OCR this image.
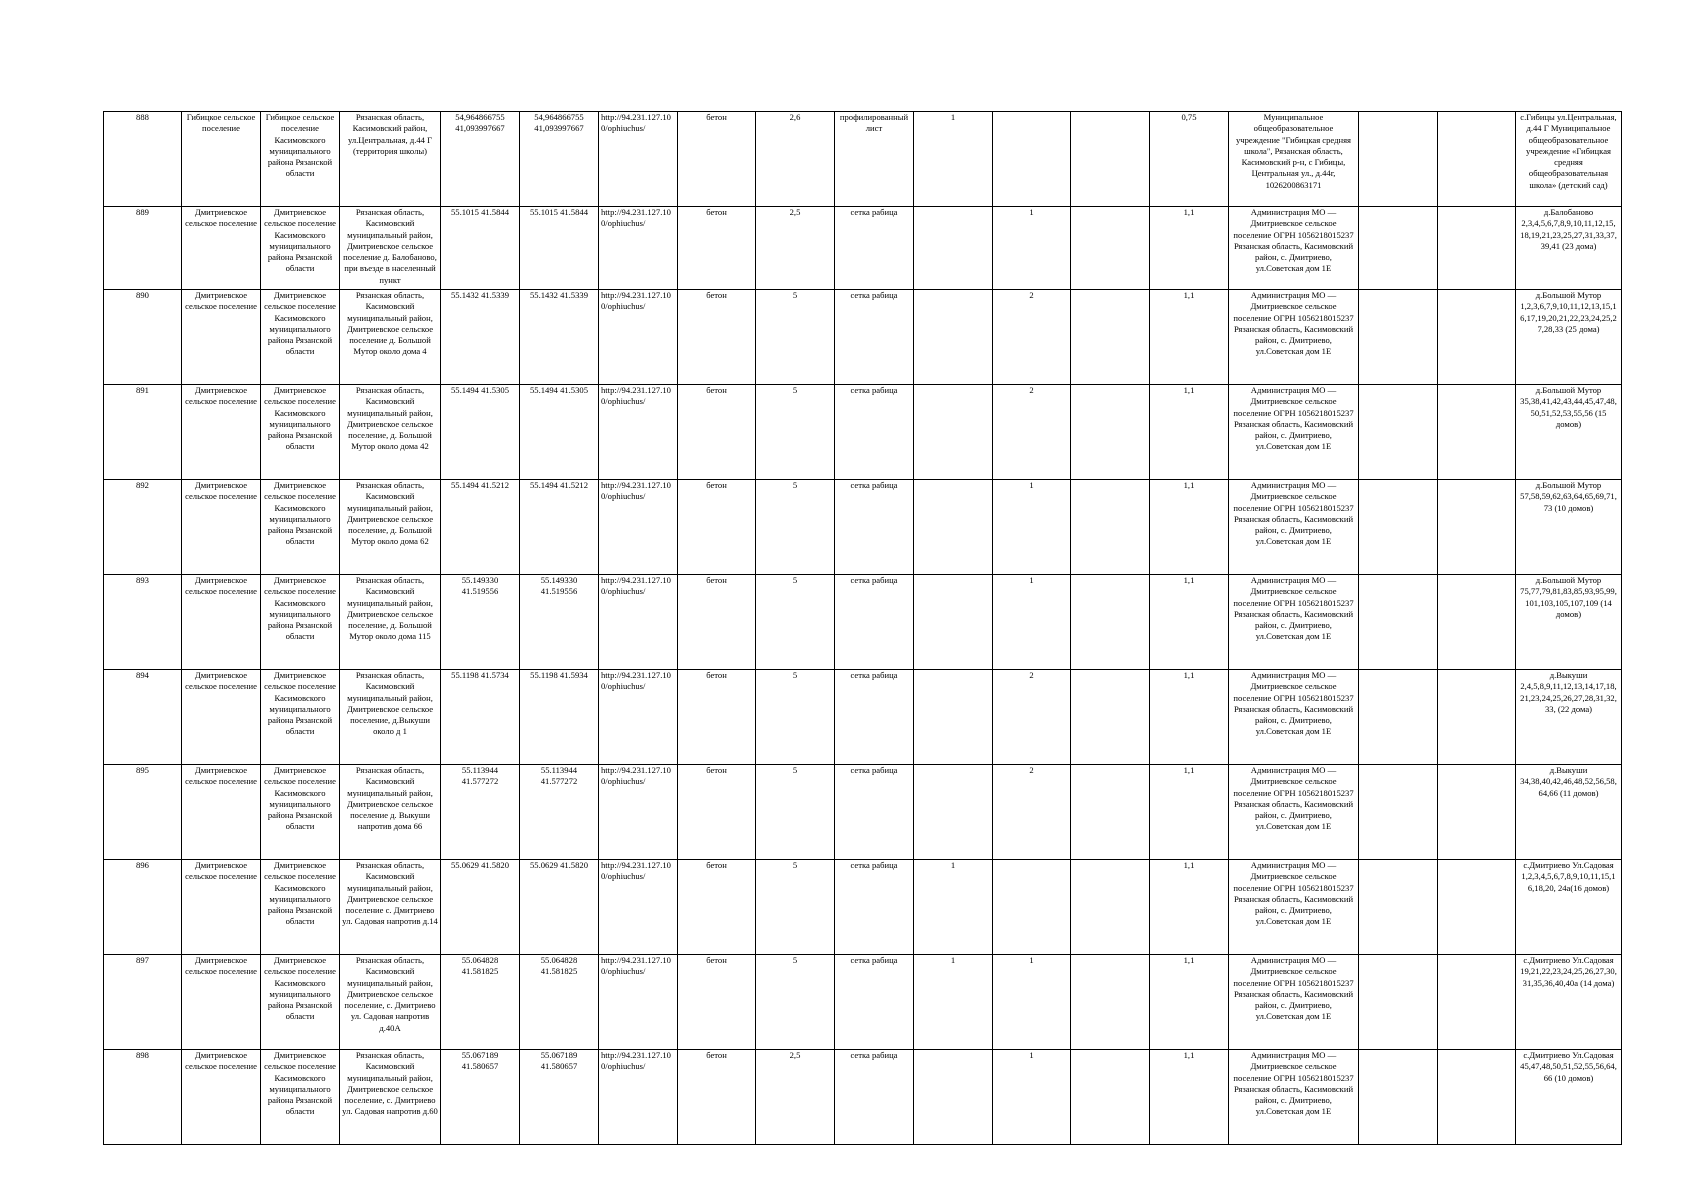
888	Гибицкое сельское поселение	Гибицкое сельское поселение Касимовского муниципального района Рязанской области	Рязанская область, Касимовский район, ул.Центральная, д.44 Г (территория школы)	54,964866755 41,093997667	54,964866755 41,093997667	http://94.231.127.100/ophiuchus/	бетон	2,6	профилированный лист	1			0,75	Муниципальное общеобразовательное учреждение "Гибицкая средняя школа", Рязанская область, Касимовский р-н, с Гибицы, Центральная ул., д.44г, 1026200863171			с.Гибицы ул.Центральная, д.44 Г Муниципальное общеобразовательное учреждение «Гибицкая средняя общеобразовательная школа» (детский сад)
889	Дмитриевское сельское поселение	Дмитриевское сельское поселение Касимовского муниципального района Рязанской области	Рязанская область, Касимовский муниципальный район, Дмитриевское сельское поселение д. Балобаново, при въезде в населенный пункт	55.1015 41.5844	55.1015 41.5844	http://94.231.127.100/ophiuchus/	бетон	2,5	сетка рабица		1		1,1	Администрация МО — Дмитриевское сельское поселение ОГРН 1056218015237 Рязанская область, Касимовский район, с. Дмитриево, ул.Советская дом 1Е			д.Балобаново 2,3,4,5,6,7,8,9,10,11,12,15, 18,19,21,23,25,27,31,33,37, 39,41 (23 дома)
890	Дмитриевское сельское поселение	Дмитриевское сельское поселение Касимовского муниципального района Рязанской области	Рязанская область, Касимовский муниципальный район, Дмитриевское сельское поселение д. Большой Мутор около дома 4	55.1432 41.5339	55.1432 41.5339	http://94.231.127.100/ophiuchus/	бетон	5	сетка рабица		2		1,1	Администрация МО — Дмитриевское сельское поселение ОГРН 1056218015237 Рязанская область, Касимовский район, с. Дмитриево, ул.Советская дом 1Е			д.Большой Мутор 1,2,3,6,7,9,10,11,12,13,15,1 6,17,19,20,21,22,23,24,25,2 7,28,33 (25 дома)
891	Дмитриевское сельское поселение	Дмитриевское сельское поселение Касимовского муниципального района Рязанской области	Рязанская область, Касимовский муниципальный район, Дмитриевское сельское поселение, д. Большой Мутор около дома 42	55.1494 41.5305	55.1494 41.5305	http://94.231.127.100/ophiuchus/	бетон	5	сетка рабица		2		1,1	Администрация МО — Дмитриевское сельское поселение ОГРН 1056218015237 Рязанская область, Касимовский район, с. Дмитриево, ул.Советская дом 1Е			д.Большой Мутор 35,38,41,42,43,44,45,47,48, 50,51,52,53,55,56 (15 домов)
892	Дмитриевское сельское поселение	Дмитриевское сельское поселение Касимовского муниципального района Рязанской области	Рязанская область, Касимовский муниципальный район, Дмитриевское сельское поселение, д. Большой Мутор около дома 62	55.1494 41.5212	55.1494 41.5212	http://94.231.127.100/ophiuchus/	бетон	5	сетка рабица		1		1,1	Администрация МО — Дмитриевское сельское поселение ОГРН 1056218015237 Рязанская область, Касимовский район, с. Дмитриево, ул.Советская дом 1Е			д.Большой Мутор 57,58,59,62,63,64,65,69,71, 73 (10 домов)
893	Дмитриевское сельское поселение	Дмитриевское сельское поселение Касимовского муниципального района Рязанской области	Рязанская область, Касимовский муниципальный район, Дмитриевское сельское поселение, д. Большой Мутор около дома 115	55.149330 41.519556	55.149330 41.519556	http://94.231.127.100/ophiuchus/	бетон	5	сетка рабица		1		1,1	Администрация МО — Дмитриевское сельское поселение ОГРН 1056218015237 Рязанская область, Касимовский район, с. Дмитриево, ул.Советская дом 1Е			д.Большой Мутор 75,77,79,81,83,85,93,95,99, 101,103,105,107,109 (14 домов)
894	Дмитриевское сельское поселение	Дмитриевское сельское поселение Касимовского муниципального района Рязанской области	Рязанская область, Касимовский муниципальный район, Дмитриевское сельское поселение, д.Выкуши около д 1	55.1198 41.5734	55.1198 41.5934	http://94.231.127.100/ophiuchus/	бетон	5	сетка рабица		2		1,1	Администрация МО — Дмитриевское сельское поселение ОГРН 1056218015237 Рязанская область, Касимовский район, с. Дмитриево, ул.Советская дом 1Е			д.Выкуши 2,4,5,8,9,11,12,13,14,17,18, 21,23,24,25,26,27,28,31,32, 33, (22 дома)
895	Дмитриевское сельское поселение	Дмитриевское сельское поселение Касимовского муниципального района Рязанской области	Рязанская область, Касимовский муниципальный район, Дмитриевское сельское поселение д. Выкуши напротив дома 66	55.113944 41.577272	55.113944 41.577272	http://94.231.127.100/ophiuchus/	бетон	5	сетка рабица		2		1,1	Администрация МО — Дмитриевское сельское поселение ОГРН 1056218015237 Рязанская область, Касимовский район, с. Дмитриево, ул.Советская дом 1Е			д.Выкуши 34,38,40,42,46,48,52,56,58, 64,66 (11 домов)
896	Дмитриевское сельское поселение	Дмитриевское сельское поселение Касимовского муниципального района Рязанской области	Рязанская область, Касимовский муниципальный район, Дмитриевское сельское поселение с. Дмитриево ул. Садовая напротив д.14	55.0629 41.5820	55.0629 41.5820	http://94.231.127.100/ophiuchus/	бетон	5	сетка рабица	1			1,1	Администрация МО — Дмитриевское сельское поселение ОГРН 1056218015237 Рязанская область, Касимовский район, с. Дмитриево, ул.Советская дом 1Е			с.Дмитриево Ул.Садовая 1,2,3,4,5,6,7,8,9,10,11,15,1 6,18,20, 24а(16 домов)
897	Дмитриевское сельское поселение	Дмитриевское сельское поселение Касимовского муниципального района Рязанской области	Рязанская область, Касимовский муниципальный район, Дмитриевское сельское поселение, с. Дмитриево ул. Садовая напротив д.40А	55.064828 41.581825	55.064828 41.581825	http://94.231.127.100/ophiuchus/	бетон	5	сетка рабица	1	1		1,1	Администрация МО — Дмитриевское сельское поселение ОГРН 1056218015237 Рязанская область, Касимовский район, с. Дмитриево, ул.Советская дом 1Е			с.Дмитриево Ул.Садовая 19,21,22,23,24,25,26,27,30, 31,35,36,40,40а (14 дома)
898	Дмитриевское сельское поселение	Дмитриевское сельское поселение Касимовского муниципального района Рязанской области	Рязанская область, Касимовский муниципальный район, Дмитриевское сельское поселение, с. Дмитриево ул. Садовая напротив д.60	55.067189 41.580657	55.067189 41.580657	http://94.231.127.100/ophiuchus/	бетон	2,5	сетка рабица		1		1,1	Администрация МО — Дмитриевское сельское поселение ОГРН 1056218015237 Рязанская область, Касимовский район, с. Дмитриево, ул.Советская дом 1Е			с.Дмитриево Ул.Садовая 45,47,48,50,51,52,55,56,64, 66 (10 домов)
